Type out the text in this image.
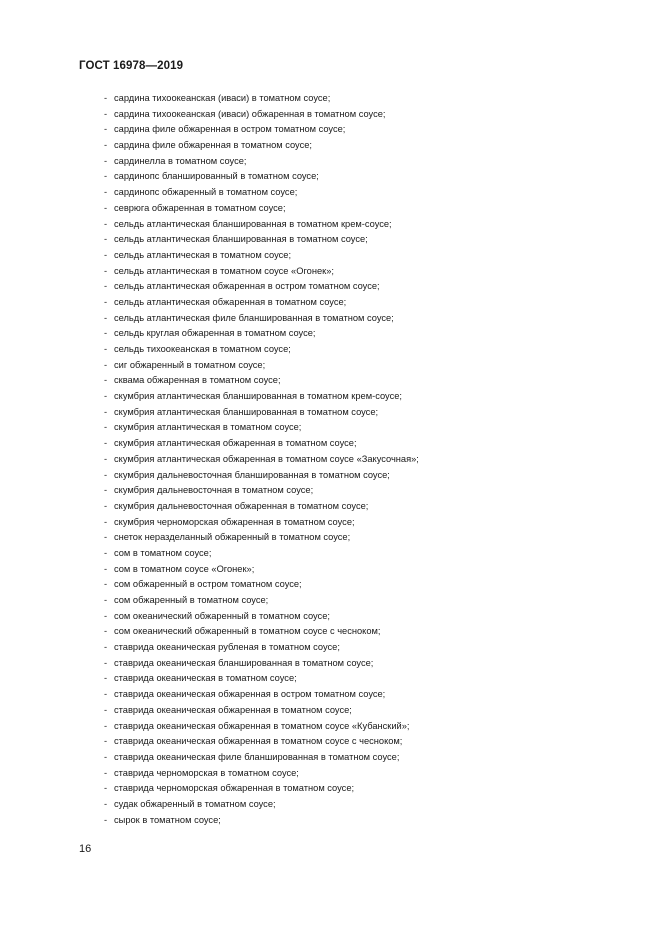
ГОСТ 16978—2019
- сардина тихоокеанская (иваси) в томатном соусе;
- сардина тихоокеанская (иваси) обжаренная в томатном соусе;
- сардина филе обжаренная в остром томатном соусе;
- сардина филе обжаренная в томатном соусе;
- сардинелла в томатном соусе;
- сардинопс бланшированный в томатном соусе;
- сардинопс обжаренный в томатном соусе;
- севрюга обжаренная в томатном соусе;
- сельдь атлантическая бланшированная в томатном крем-соусе;
- сельдь атлантическая бланшированная в томатном соусе;
- сельдь атлантическая в томатном соусе;
- сельдь атлантическая в томатном соусе «Огонек»;
- сельдь атлантическая обжаренная в остром томатном соусе;
- сельдь атлантическая обжаренная в томатном соусе;
- сельдь атлантическая филе бланшированная в томатном соусе;
- сельдь круглая обжаренная в томатном соусе;
- сельдь тихоокеанская в томатном соусе;
- сиг обжаренный в томатном соусе;
- сквама обжаренная в томатном соусе;
- скумбрия атлантическая бланшированная в томатном крем-соусе;
- скумбрия атлантическая бланшированная в томатном соусе;
- скумбрия атлантическая в томатном соусе;
- скумбрия атлантическая обжаренная в томатном соусе;
- скумбрия атлантическая обжаренная в томатном соусе «Закусочная»;
- скумбрия дальневосточная бланшированная в томатном соусе;
- скумбрия дальневосточная в томатном соусе;
- скумбрия дальневосточная обжаренная в томатном соусе;
- скумбрия черноморская обжаренная в томатном соусе;
- снеток неразделанный обжаренный в томатном соусе;
- сом в томатном соусе;
- сом в томатном соусе «Огонек»;
- сом обжаренный в остром томатном соусе;
- сом обжаренный в томатном соусе;
- сом океанический обжаренный в томатном соусе;
- сом океанический обжаренный в томатном соусе с чесноком;
- ставрида океаническая рубленая в томатном соусе;
- ставрида океаническая бланшированная в томатном соусе;
- ставрида океаническая в томатном соусе;
- ставрида океаническая обжаренная в остром томатном соусе;
- ставрида океаническая обжаренная в томатном соусе;
- ставрида океаническая обжаренная в томатном соусе «Кубанский»;
- ставрида океаническая обжаренная в томатном соусе с чесноком;
- ставрида океаническая филе бланшированная в томатном соусе;
- ставрида черноморская в томатном соусе;
- ставрида черноморская обжаренная в томатном соусе;
- судак обжаренный в томатном соусе;
- сырок в томатном соусе;
16
